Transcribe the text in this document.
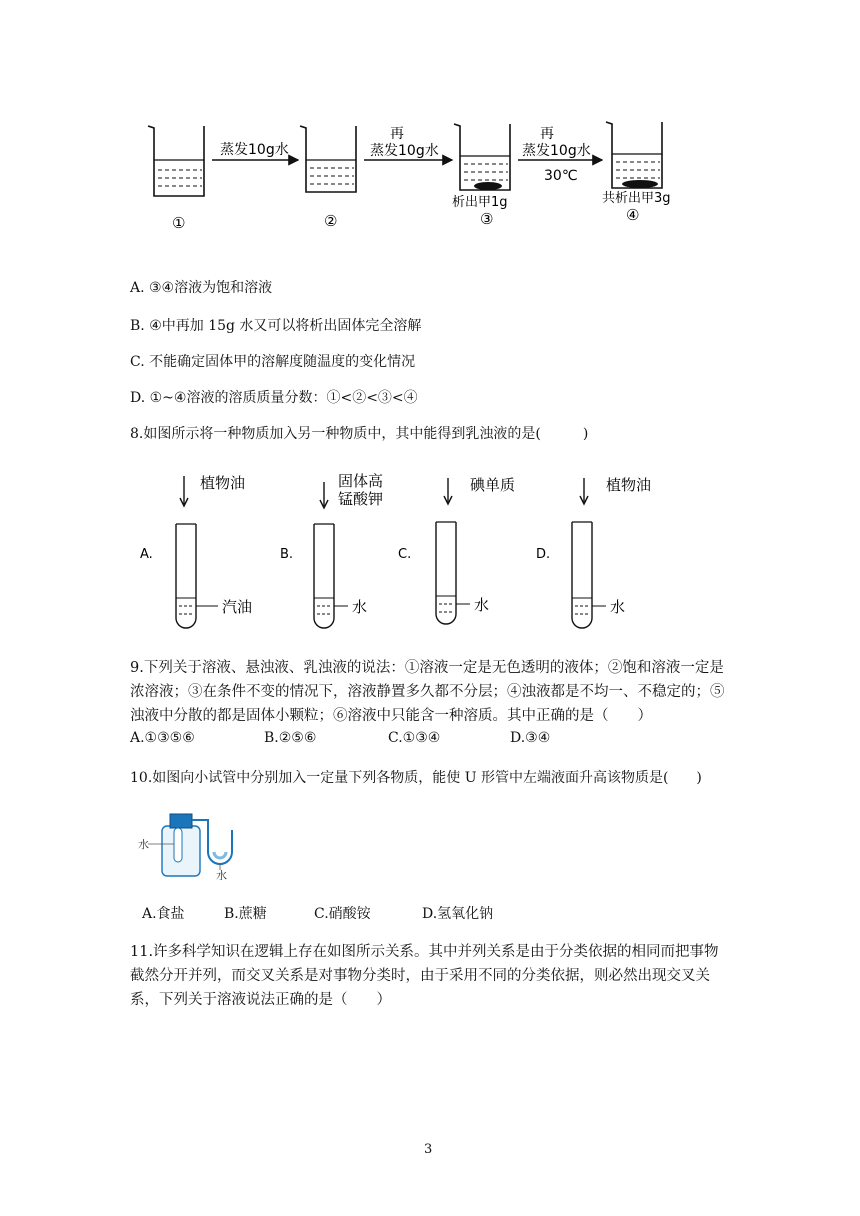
蒸发10g水
再
蒸发10g水
再
蒸发10g水
30℃
①	②
析出甲1g
③
共析出甲3g
④
A. ③④溶液为饱和溶液
B. ④中再加 15g 水又可以将析出固体完全溶解
C. 不能确定固体甲的溶解度随温度的变化情况
D. ①~④溶液的溶质质量分数：①<②<③<④
8.如图所示将一种物质加入另一种物质中，其中能得到乳浊液的是(　　　)
A.
植物油
汽油
B.
固体高
锰酸钾
水
C.
碘单质
水
D.
植物油
水
9.下列关于溶液、悬浊液、乳浊液的说法：①溶液一定是无色透明的液体；②饱和溶液一定是浓溶液；③在条件不变的情况下，溶液静置多久都不分层；④浊液都是不均一、不稳定的；⑤浊液中分散的都是固体小颗粒；⑥溶液中只能含一种溶质。其中正确的是（　　）
A.①③⑤⑥	B.②⑤⑥	C.①③④	D.③④
10.如图向小试管中分别加入一定量下列各物质，能使 U 形管中左端液面升高该物质是(　　)
水
水
A.食盐	B.蔗糖	C.硝酸铵	D.氢氧化钠
11.许多科学知识在逻辑上存在如图所示关系。其中并列关系是由于分类依据的相同而把事物截然分开并列，而交叉关系是对事物分类时，由于采用不同的分类依据，则必然出现交叉关系，下列关于溶液说法正确的是（　　）
3
